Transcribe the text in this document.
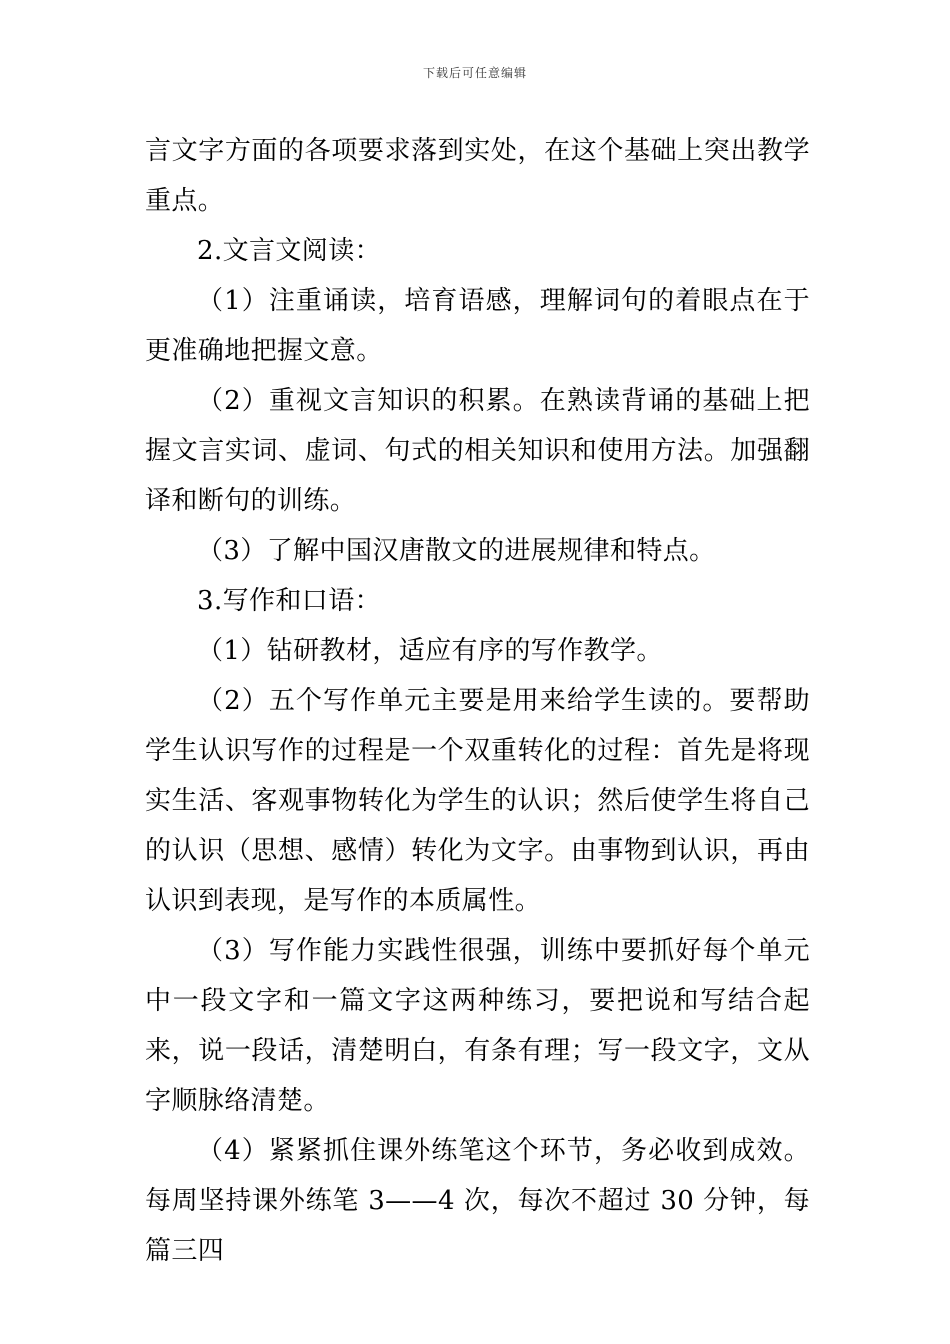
下载后可任意编辑

言文字方面的各项要求落到实处，在这个基础上突出教学重点。

2.文言文阅读：

（1）注重诵读，培育语感，理解词句的着眼点在于更准确地把握文意。

（2）重视文言知识的积累。在熟读背诵的基础上把握文言实词、虚词、句式的相关知识和使用方法。加强翻译和断句的训练。

（3）了解中国汉唐散文的进展规律和特点。

3.写作和口语：

（1）钻研教材，适应有序的写作教学。

（2）五个写作单元主要是用来给学生读的。要帮助学生认识写作的过程是一个双重转化的过程：首先是将现实生活、客观事物转化为学生的认识；然后使学生将自己的认识（思想、感情）转化为文字。由事物到认识，再由认识到表现，是写作的本质属性。

（3）写作能力实践性很强，训练中要抓好每个单元中一段文字和一篇文字这两种练习，要把说和写结合起来，说一段话，清楚明白，有条有理；写一段文字，文从字顺脉络清楚。

（4）紧紧抓住课外练笔这个环节，务必收到成效。每周坚持课外练笔 3——4 次，每次不超过 30 分钟，每篇三四
